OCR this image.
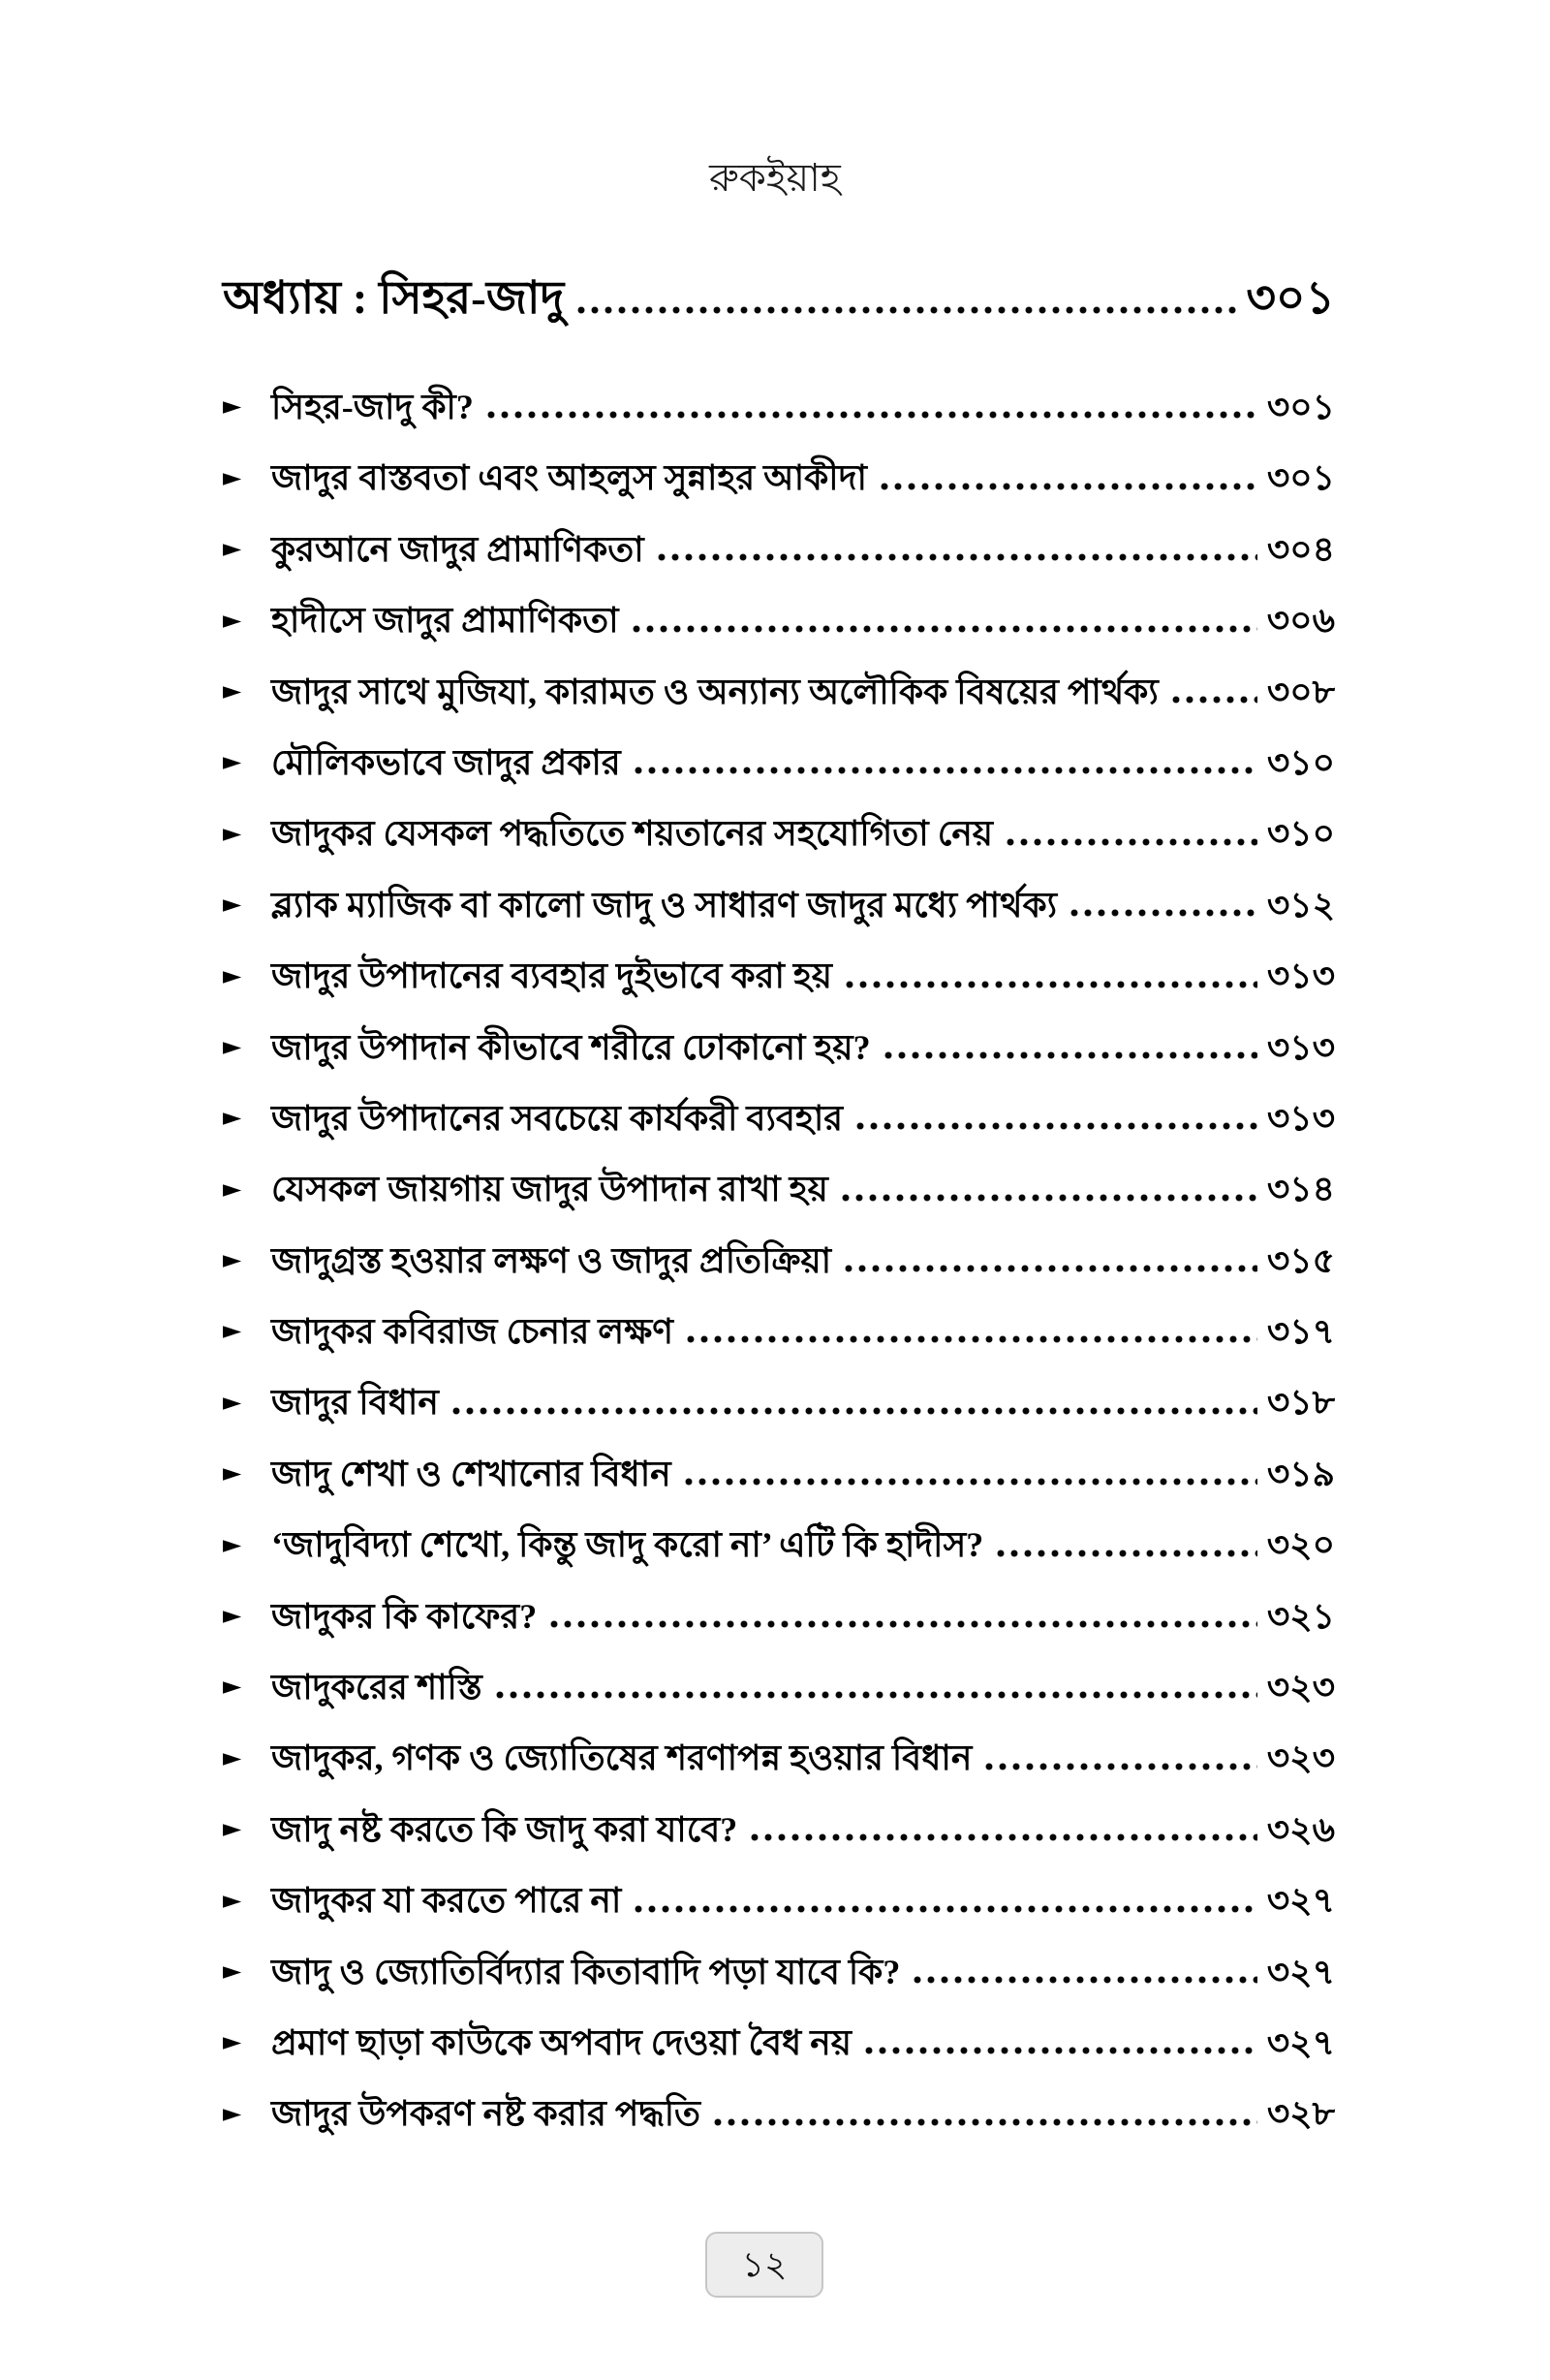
রুকইয়াহ
অধ্যায় : সিহর-জাদু	৩০১
► সিহর-জাদু কী?	৩০১
► জাদুর বাস্তবতা এবং আহলুস সুন্নাহর আকীদা	৩০১
► কুরআনে জাদুর প্রামাণিকতা	৩০৪
► হাদীসে জাদুর প্রামাণিকতা	৩০৬
► জাদুর সাথে মুজিযা, কারামত ও অন্যান্য অলৌকিক বিষয়ের পার্থক্য	৩০৮
► মৌলিকভাবে জাদুর প্রকার	৩১০
► জাদুকর যেসকল পদ্ধতিতে শয়তানের সহযোগিতা নেয়	৩১০
► ব্ল্যাক ম্যাজিক বা কালো জাদু ও সাধারণ জাদুর মধ্যে পার্থক্য	৩১২
► জাদুর উপাদানের ব্যবহার দুইভাবে করা হয়	৩১৩
► জাদুর উপাদান কীভাবে শরীরে ঢোকানো হয়?	৩১৩
► জাদুর উপাদানের সবচেয়ে কার্যকরী ব্যবহার	৩১৩
► যেসকল জায়গায় জাদুর উপাদান রাখা হয়	৩১৪
► জাদুগ্রস্ত হওয়ার লক্ষণ ও জাদুর প্রতিক্রিয়া	৩১৫
► জাদুকর কবিরাজ চেনার লক্ষণ	৩১৭
► জাদুর বিধান	৩১৮
► জাদু শেখা ও শেখানোর বিধান	৩১৯
► ‘জাদুবিদ্যা শেখো, কিন্তু জাদু করো না’ এটি কি হাদীস?	৩২০
► জাদুকর কি কাফের?	৩২১
► জাদুকরের শাস্তি	৩২৩
► জাদুকর, গণক ও জ্যোতিষের শরণাপন্ন হওয়ার বিধান	৩২৩
► জাদু নষ্ট করতে কি জাদু করা যাবে?	৩২৬
► জাদুকর যা করতে পারে না	৩২৭
► জাদু ও জ্যোতির্বিদ্যার কিতাবাদি পড়া যাবে কি?	৩২৭
► প্রমাণ ছাড়া কাউকে অপবাদ দেওয়া বৈধ নয়	৩২৭
► জাদুর উপকরণ নষ্ট করার পদ্ধতি	৩২৮
১২
